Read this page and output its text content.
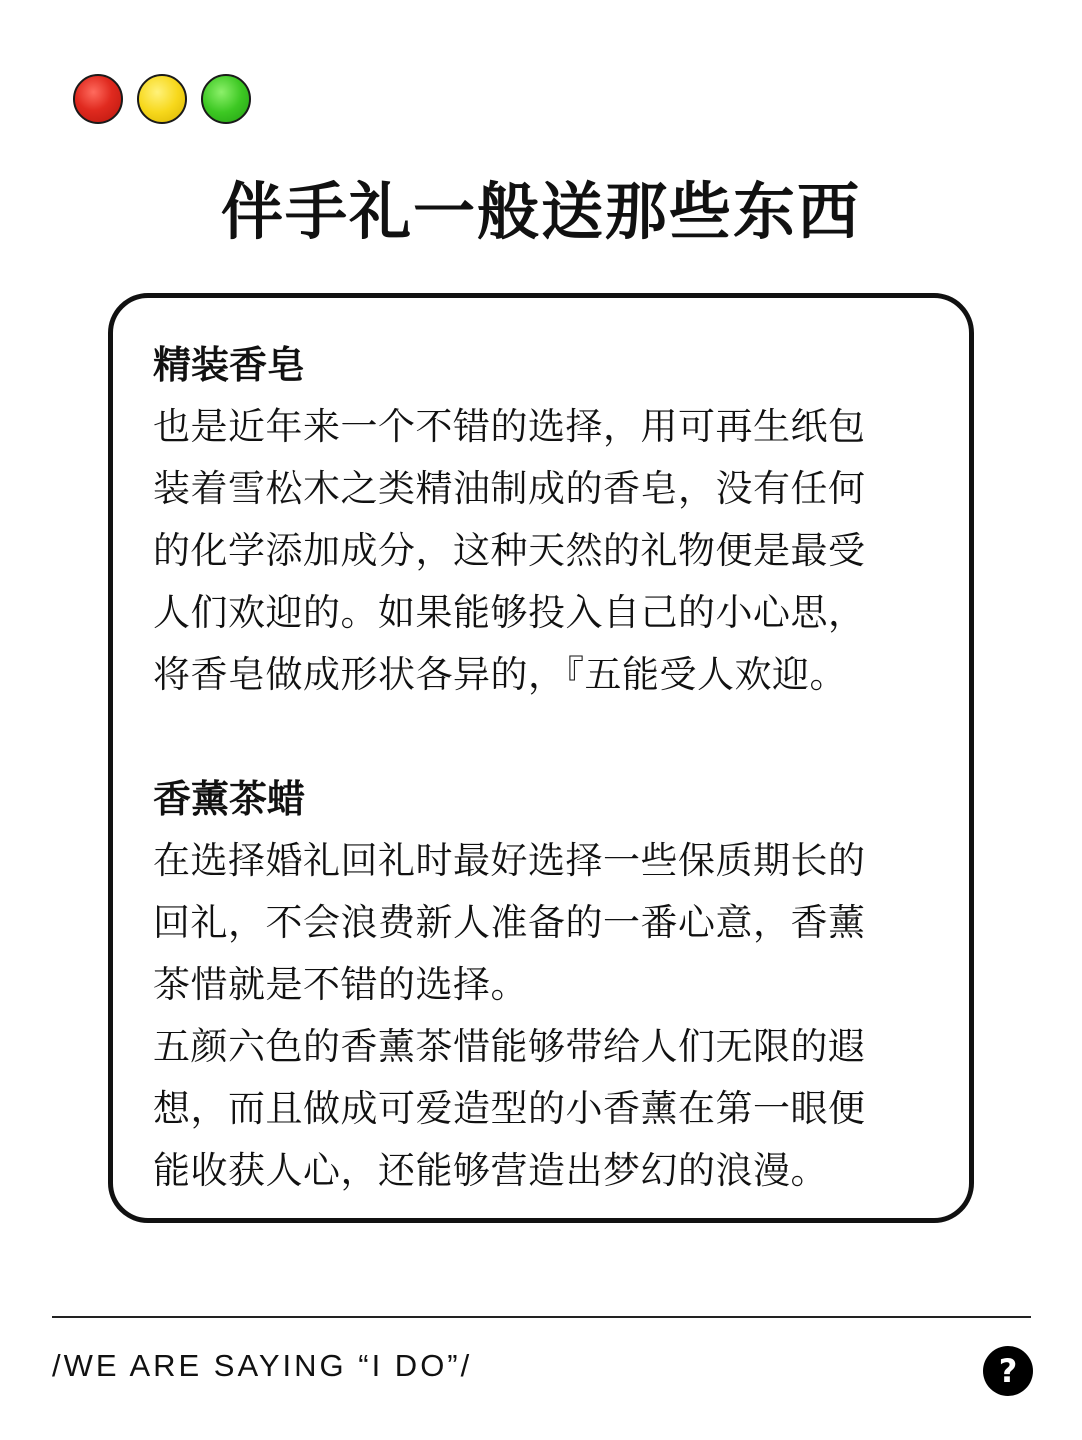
伴手礼一般送那些东西

精装香皂

也是近年来一个不错的选择，用可再生纸包
装着雪松木之类精油制成的香皂，没有任何
的化学添加成分，这种天然的礼物便是最受
人们欢迎的。如果能够投入自己的小心思，
将香皂做成形状各异的，『五能受人欢迎。

香薰茶蜡

在选择婚礼回礼时最好选择一些保质期长的
回礼，不会浪费新人准备的一番心意，香薰
茶惜就是不错的选择。
五颜六色的香薰茶惜能够带给人们无限的遐
想，而且做成可爱造型的小香薰在第一眼便
能收获人心，还能够营造出梦幻的浪漫。

/WE ARE SAYING “I DO”/	?
